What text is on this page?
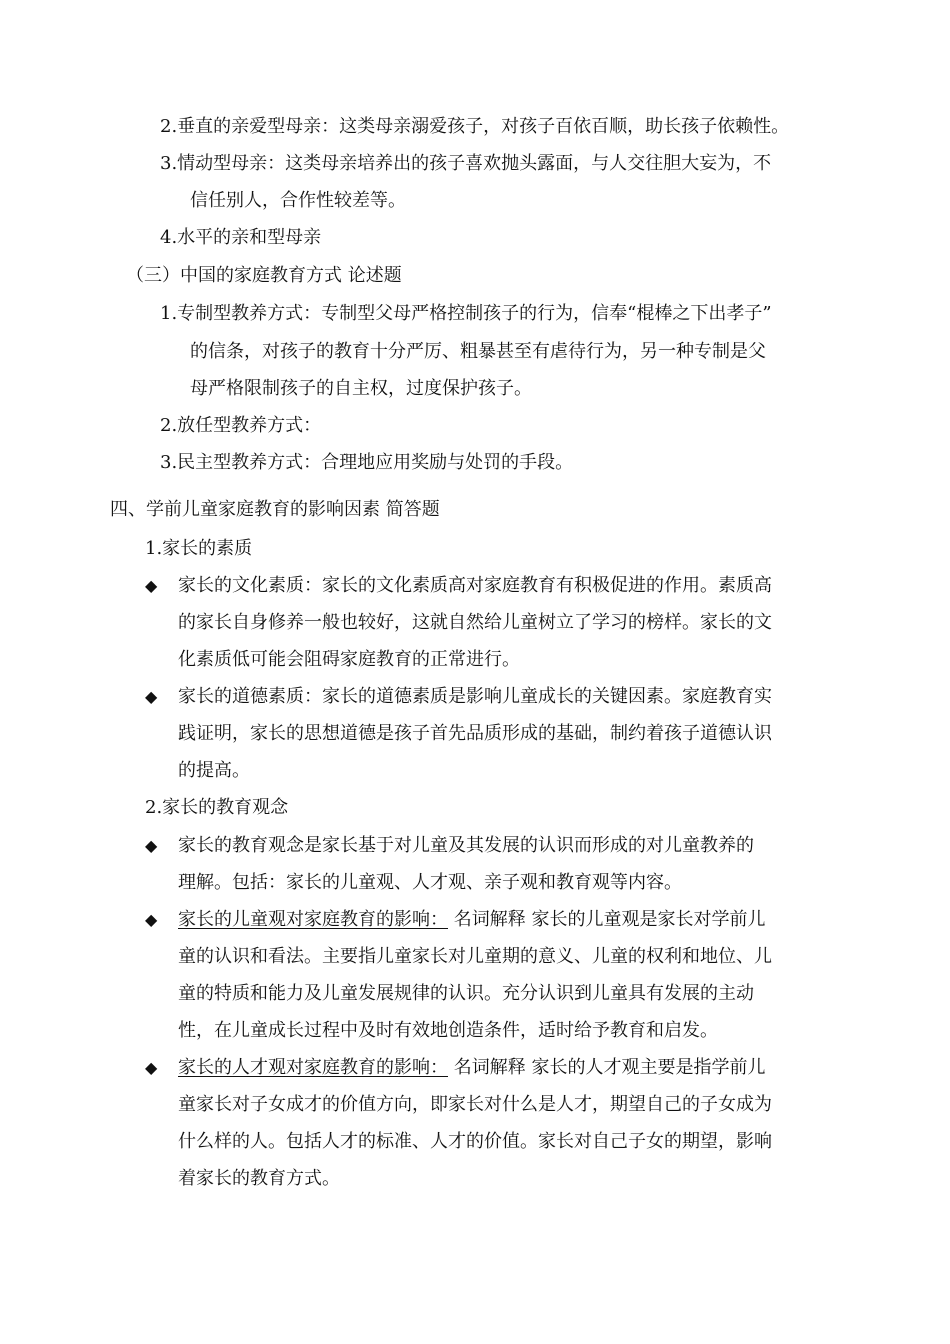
2.垂直的亲爱型母亲：这类母亲溺爱孩子，对孩子百依百顺，助长孩子依赖性。
3.情动型母亲：这类母亲培养出的孩子喜欢抛头露面，与人交往胆大妄为，不
信任别人，合作性较差等。
4.水平的亲和型母亲
（三）中国的家庭教育方式 论述题
1.专制型教养方式：专制型父母严格控制孩子的行为，信奉“棍棒之下出孝子”
的信条，对孩子的教育十分严厉、粗暴甚至有虐待行为，另一种专制是父
母严格限制孩子的自主权，过度保护孩子。
2.放任型教养方式：
3.民主型教养方式：合理地应用奖励与处罚的手段。
四、学前儿童家庭教育的影响因素 简答题
1.家长的素质
◆ 家长的文化素质：家长的文化素质高对家庭教育有积极促进的作用。素质高
的家长自身修养一般也较好，这就自然给儿童树立了学习的榜样。家长的文
化素质低可能会阻碍家庭教育的正常进行。
◆ 家长的道德素质：家长的道德素质是影响儿童成长的关键因素。家庭教育实
践证明，家长的思想道德是孩子首先品质形成的基础，制约着孩子道德认识
的提高。
2.家长的教育观念
◆ 家长的教育观念是家长基于对儿童及其发展的认识而形成的对儿童教养的
理解。包括：家长的儿童观、人才观、亲子观和教育观等内容。
◆ 家长的儿童观对家庭教育的影响： 名词解释 家长的儿童观是家长对学前儿
童的认识和看法。主要指儿童家长对儿童期的意义、儿童的权利和地位、儿
童的特质和能力及儿童发展规律的认识。充分认识到儿童具有发展的主动
性，在儿童成长过程中及时有效地创造条件，适时给予教育和启发。
◆ 家长的人才观对家庭教育的影响： 名词解释 家长的人才观主要是指学前儿
童家长对子女成才的价值方向，即家长对什么是人才，期望自己的子女成为
什么样的人。包括人才的标准、人才的价值。家长对自己子女的期望，影响
着家长的教育方式。
